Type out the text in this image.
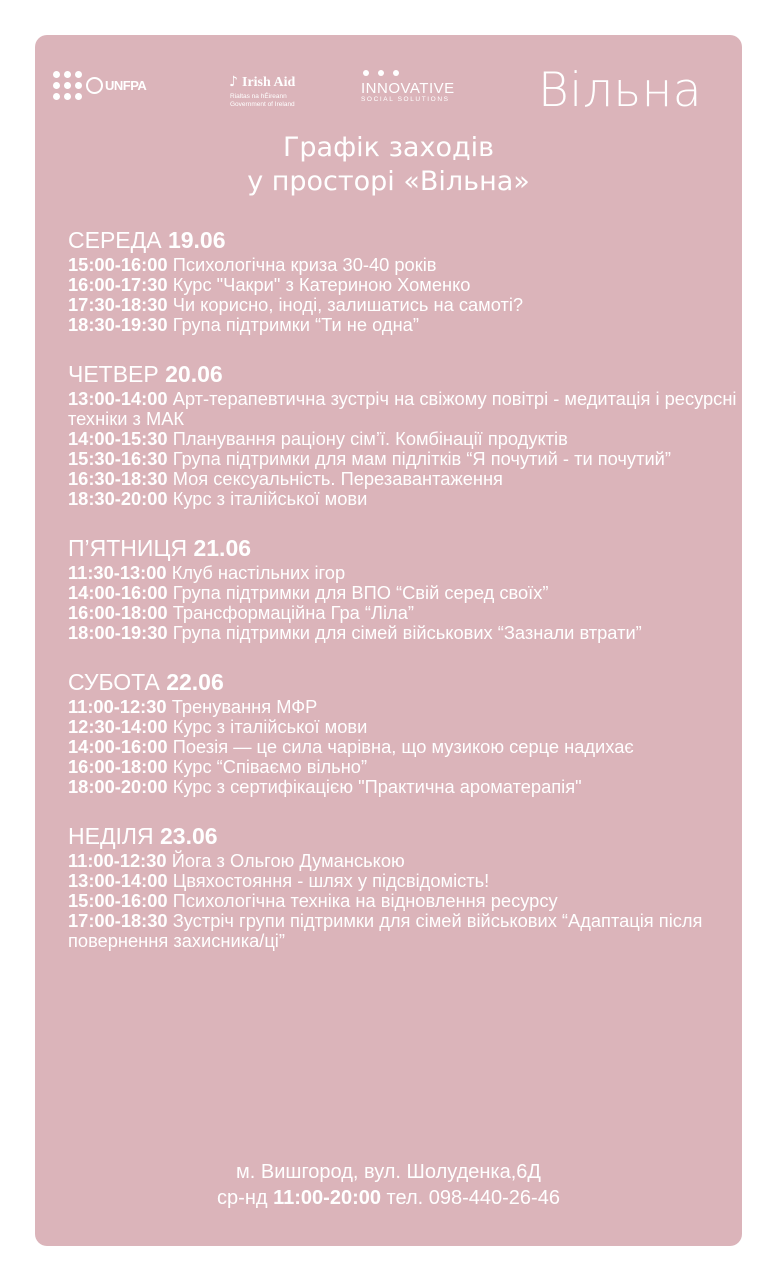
UNFPA	♪ Irish Aid
Rialtas na hÉireann
Government of Ireland
INNOVATIVE
SOCIAL SOLUTIONS	Вільна
Графік заходів
у просторі «Вільна»
СЕРЕДА 19.06

15:00-16:00 Психологічна криза 30-40 років

16:00-17:30 Курс "Чакри" з Катериною Хоменко

17:30-18:30 Чи корисно, іноді, залишатись на самоті?

18:30-19:30 Група підтримки “Ти не одна”

ЧЕТВЕР 20.06

13:00-14:00 Арт-терапевтична зустріч на свіжому повітрі - медитація і ресурсні техніки з МАК

14:00-15:30 Планування раціону сім’ї. Комбінації продуктів

15:30-16:30 Група підтримки для мам підлітків “Я почутий - ти почутий”

16:30-18:30 Моя сексуальність. Перезавантаження

18:30-20:00 Курс з італійської мови

П’ЯТНИЦЯ 21.06

11:30-13:00 Клуб настільних ігор

14:00-16:00 Група підтримки для ВПО “Свій серед своїх”

16:00-18:00 Трансформаційна Гра “Ліла”

18:00-19:30 Група підтримки для сімей військових “Зазнали втрати”

СУБОТА 22.06

11:00-12:30 Тренування МФР

12:30-14:00 Курс з італійської мови

14:00-16:00 Поезія — це сила чарівна, що музикою серце надихає

16:00-18:00 Курс “Співаємо вільно”

18:00-20:00 Курс з сертифікацією "Практична ароматерапія"

НЕДІЛЯ 23.06

11:00-12:30 Йога з Ольгою Думанською

13:00-14:00 Цвяхостояння - шлях у підсвідомість!

15:00-16:00 Психологічна техніка на відновлення ресурсу

17:00-18:30 Зустріч групи підтримки для сімей військових “Адаптація після повернення захисника/ці”

м. Вишгород, вул. Шолуденка,6Д
ср-нд 11:00-20:00 тел. 098-440-26-46
